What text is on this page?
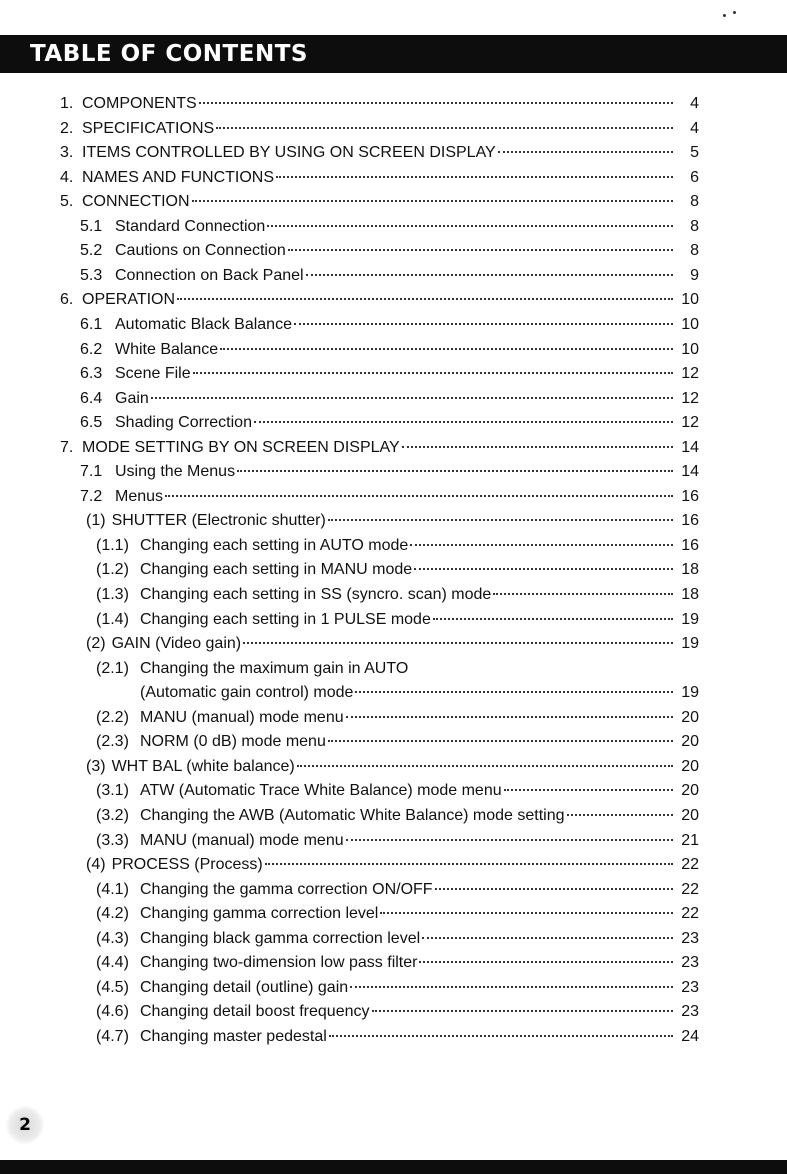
TABLE OF CONTENTS
1. COMPONENTS	4
2. SPECIFICATIONS	4
3. ITEMS CONTROLLED BY USING ON SCREEN DISPLAY	5
4. NAMES AND FUNCTIONS	6
5. CONNECTION	8
5.1 Standard Connection	8
5.2 Cautions on Connection	8
5.3 Connection on Back Panel	9
6. OPERATION	10
6.1 Automatic Black Balance	10
6.2 White Balance	10
6.3 Scene File	12
6.4 Gain	12
6.5 Shading Correction	12
7. MODE SETTING BY ON SCREEN DISPLAY	14
7.1 Using the Menus	14
7.2 Menus	16
(1) SHUTTER (Electronic shutter)	16
(1.1) Changing each setting in AUTO mode	16
(1.2) Changing each setting in MANU mode	18
(1.3) Changing each setting in SS (syncro. scan) mode	18
(1.4) Changing each setting in 1 PULSE mode	19
(2) GAIN (Video gain)	19
(2.1) Changing the maximum gain in AUTO
(Automatic gain control) mode	19
(2.2) MANU (manual) mode menu	20
(2.3) NORM (0 dB) mode menu	20
(3) WHT BAL (white balance)	20
(3.1) ATW (Automatic Trace White Balance) mode menu	20
(3.2) Changing the AWB (Automatic White Balance) mode setting	20
(3.3) MANU (manual) mode menu	21
(4) PROCESS (Process)	22
(4.1) Changing the gamma correction ON/OFF	22
(4.2) Changing gamma correction level	22
(4.3) Changing black gamma correction level	23
(4.4) Changing two-dimension low pass filter	23
(4.5) Changing detail (outline) gain	23
(4.6) Changing detail boost frequency	23
(4.7) Changing master pedestal	24
2
